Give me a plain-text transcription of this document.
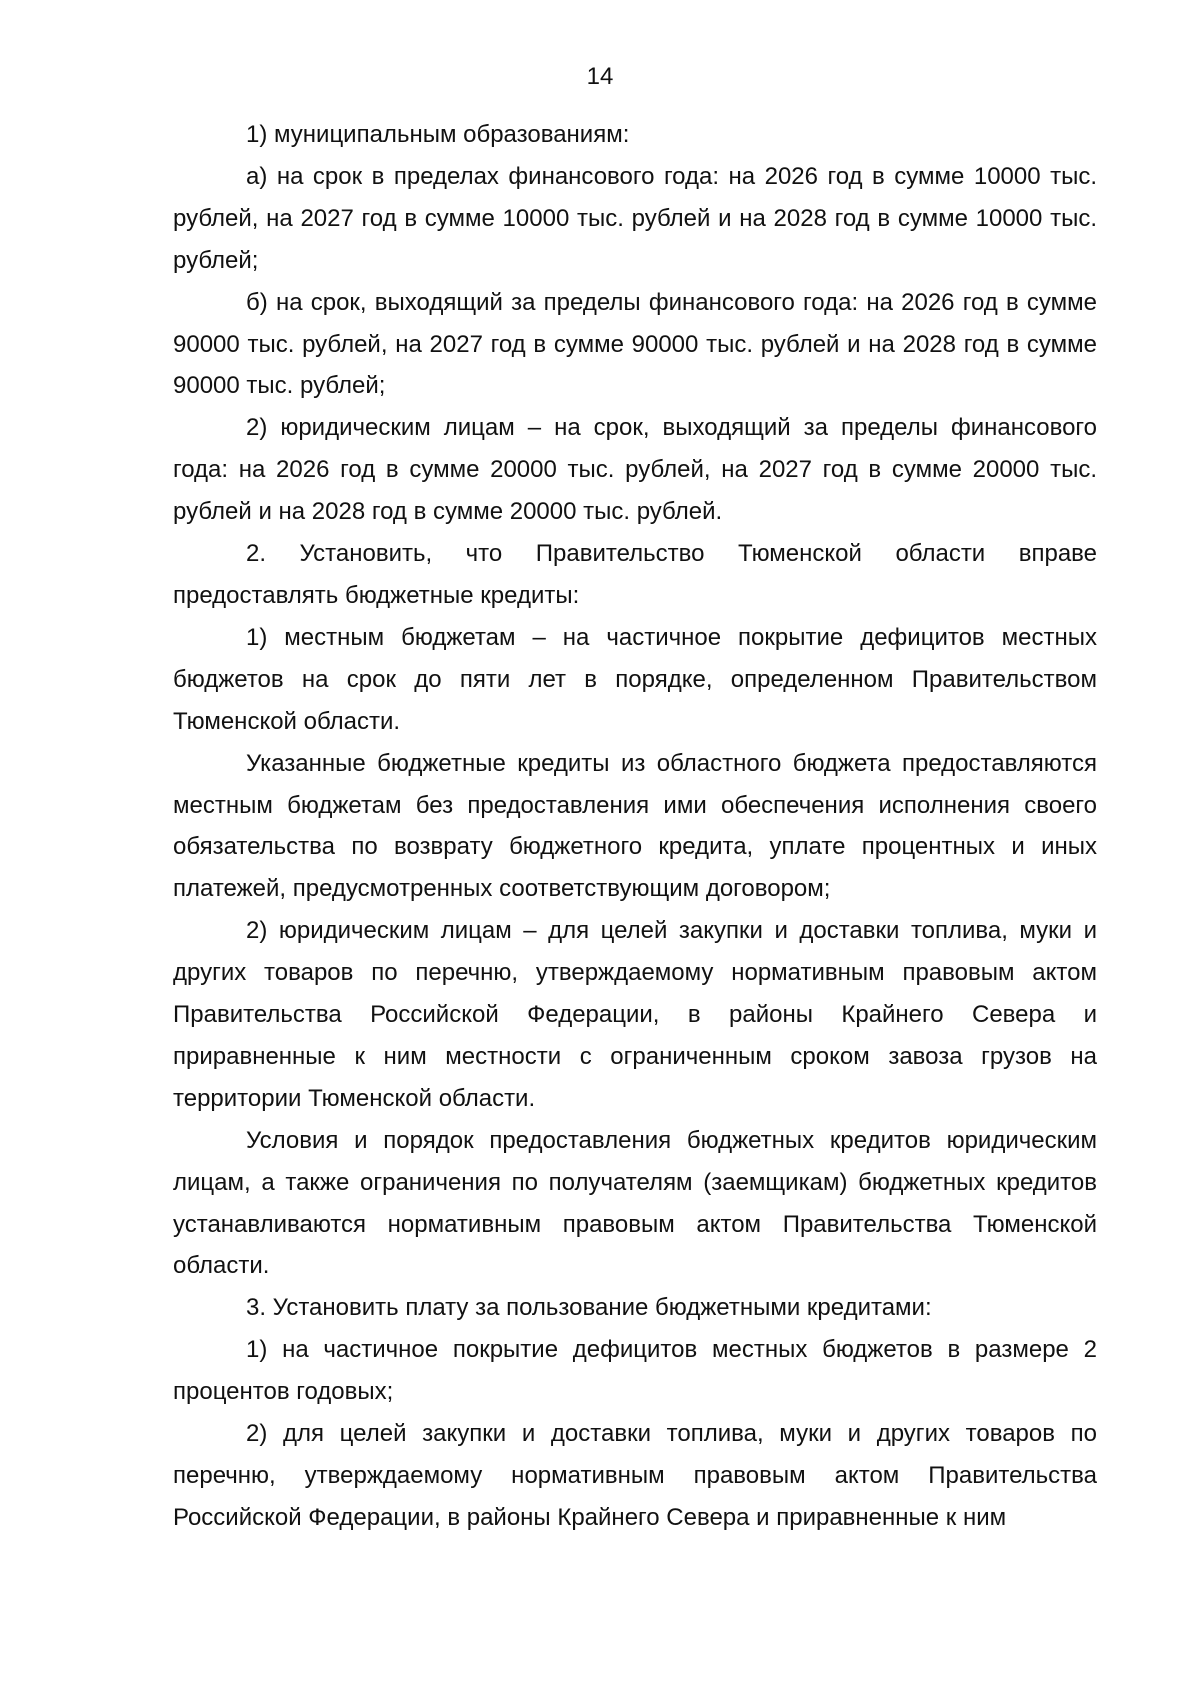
14

1) муниципальным образованиям:

а) на срок в пределах финансового года: на 2026 год в сумме 10000 тыс. рублей, на 2027 год в сумме 10000 тыс. рублей и на 2028 год в сумме 10000 тыс. рублей;

б) на срок, выходящий за пределы финансового года: на 2026 год в сумме 90000 тыс. рублей, на 2027 год в сумме 90000 тыс. рублей и на 2028 год в сумме 90000 тыс. рублей;

2) юридическим лицам – на срок, выходящий за пределы финансового года: на 2026 год в сумме 20000 тыс. рублей, на 2027 год в сумме 20000 тыс. рублей и на 2028 год в сумме 20000 тыс. рублей.

2. Установить, что Правительство Тюменской области вправе предоставлять бюджетные кредиты:

1) местным бюджетам – на частичное покрытие дефицитов местных бюджетов на срок до пяти лет в порядке, определенном Правительством Тюменской области.

Указанные бюджетные кредиты из областного бюджета предоставляются местным бюджетам без предоставления ими обеспечения исполнения своего обязательства по возврату бюджетного кредита, уплате процентных и иных платежей, предусмотренных соответствующим договором;

2) юридическим лицам – для целей закупки и доставки топлива, муки и других товаров по перечню, утверждаемому нормативным правовым актом Правительства Российской Федерации, в районы Крайнего Севера и приравненные к ним местности с ограниченным сроком завоза грузов на территории Тюменской области.

Условия и порядок предоставления бюджетных кредитов юридическим лицам, а также ограничения по получателям (заемщикам) бюджетных кредитов устанавливаются нормативным правовым актом Правительства Тюменской области.

3. Установить плату за пользование бюджетными кредитами:

1) на частичное покрытие дефицитов местных бюджетов в размере 2 процентов годовых;

2) для целей закупки и доставки топлива, муки и других товаров по перечню, утверждаемому нормативным правовым актом Правительства Российской Федерации, в районы Крайнего Севера и приравненные к ним
